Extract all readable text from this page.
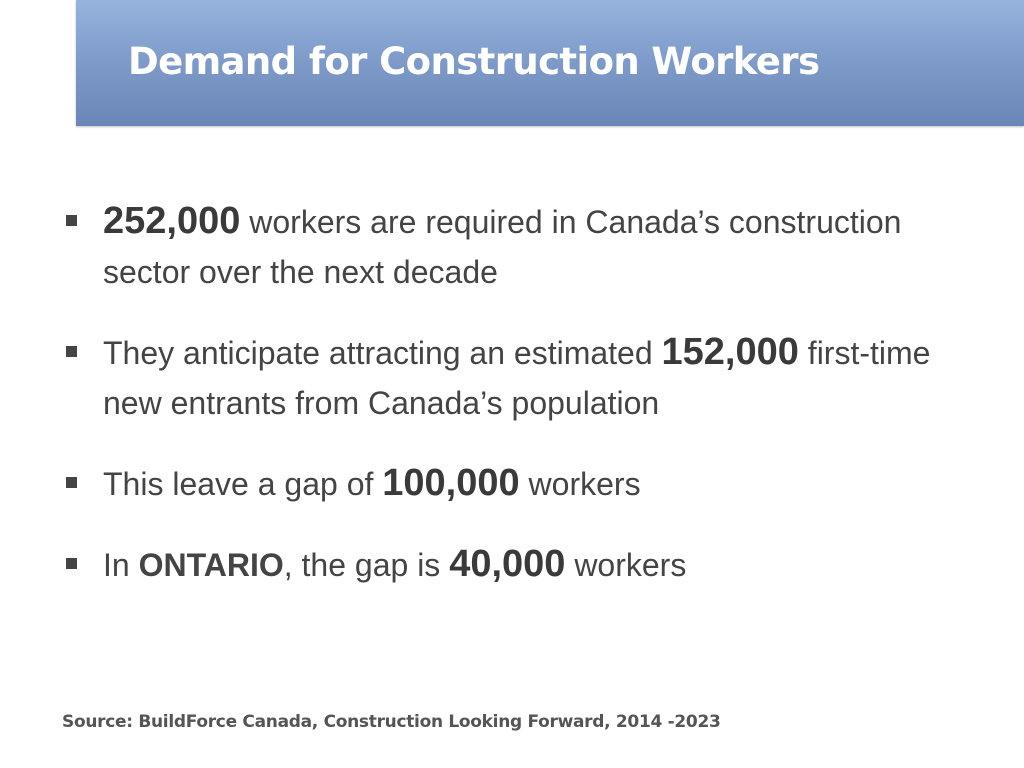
Demand for Construction Workers
252,000 workers are required in Canada’s construction sector over the next decade
They anticipate attracting an estimated 152,000 first-time new entrants from Canada’s population
This leave a gap of 100,000 workers
In ONTARIO, the gap is 40,000 workers

Source: BuildForce Canada, Construction Looking Forward, 2014 -2023
